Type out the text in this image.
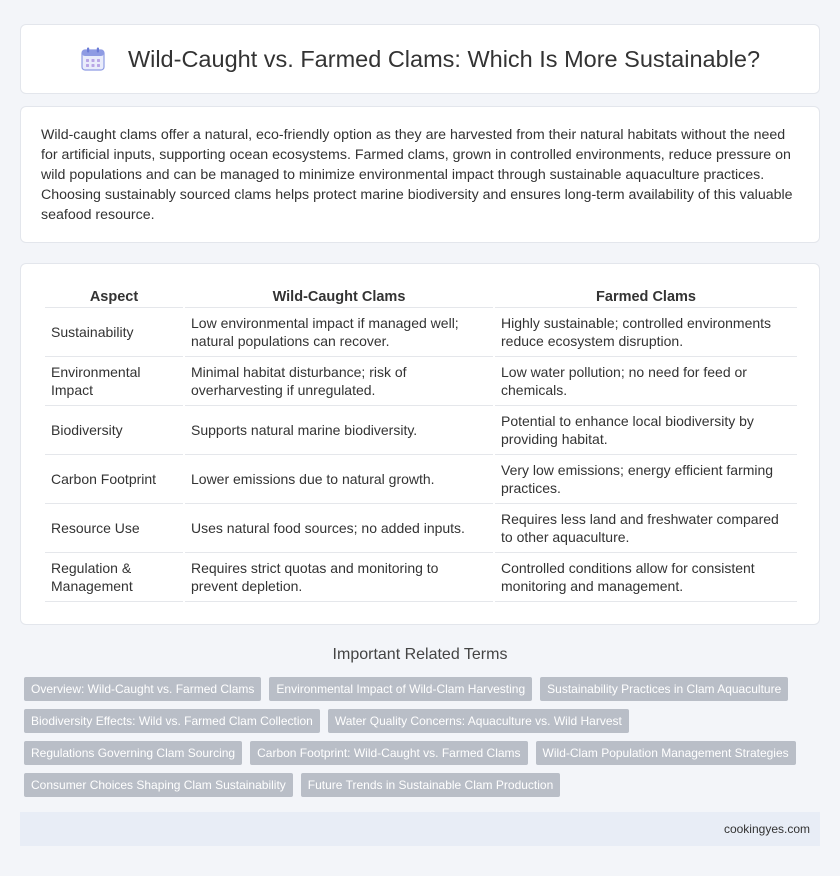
Wild-Caught vs. Farmed Clams: Which Is More Sustainable?

Wild-caught clams offer a natural, eco-friendly option as they are harvested from their natural habitats without the need for artificial inputs, supporting ocean ecosystems. Farmed clams, grown in controlled environments, reduce pressure on wild populations and can be managed to minimize environmental impact through sustainable aquaculture practices. Choosing sustainably sourced clams helps protect marine biodiversity and ensures long-term availability of this valuable seafood resource.

Aspect	Wild-Caught Clams	Farmed Clams
Sustainability	Low environmental impact if managed well; natural populations can recover.	Highly sustainable; controlled environments reduce ecosystem disruption.
Environmental Impact	Minimal habitat disturbance; risk of overharvesting if unregulated.	Low water pollution; no need for feed or chemicals.
Biodiversity	Supports natural marine biodiversity.	Potential to enhance local biodiversity by providing habitat.
Carbon Footprint	Lower emissions due to natural growth.	Very low emissions; energy efficient farming practices.
Resource Use	Uses natural food sources; no added inputs.	Requires less land and freshwater compared to other aquaculture.
Regulation & Management	Requires strict quotas and monitoring to prevent depletion.	Controlled conditions allow for consistent monitoring and management.
Important Related Terms
Overview: Wild-Caught vs. Farmed Clams	Environmental Impact of Wild-Clam Harvesting	Sustainability Practices in Clam Aquaculture
Biodiversity Effects: Wild vs. Farmed Clam Collection	Water Quality Concerns: Aquaculture vs. Wild Harvest
Regulations Governing Clam Sourcing	Carbon Footprint: Wild-Caught vs. Farmed Clams	Wild-Clam Population Management Strategies
Consumer Choices Shaping Clam Sustainability	Future Trends in Sustainable Clam Production
cookingyes.com
